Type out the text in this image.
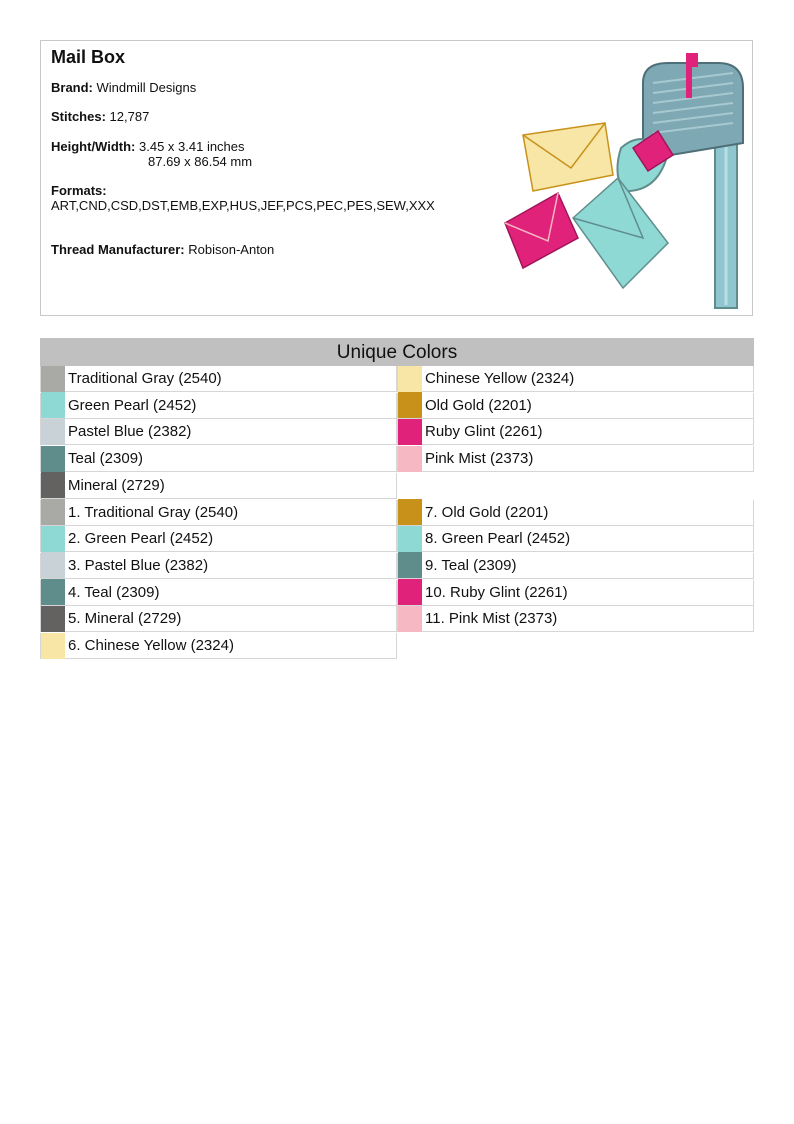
Mail Box
Brand: Windmill Designs
Stitches: 12,787
Height/Width: 3.45 x 3.41 inches
87.69 x 86.54 mm
Formats:
ART,CND,CSD,DST,EMB,EXP,HUS,JEF,PCS,PEC,PES,SEW,XXX
Thread Manufacturer: Robison-Anton
Unique Colors
Traditional Gray (2540)
Green Pearl (2452)
Pastel Blue (2382)
Teal (2309)
Mineral (2729)
Chinese Yellow (2324)
Old Gold (2201)
Ruby Glint (2261)
Pink Mist (2373)
1. Traditional Gray (2540)
2. Green Pearl (2452)
3. Pastel Blue (2382)
4. Teal (2309)
5. Mineral (2729)
6. Chinese Yellow (2324)
7. Old Gold (2201)
8. Green Pearl (2452)
9. Teal (2309)
10. Ruby Glint (2261)
11. Pink Mist (2373)
